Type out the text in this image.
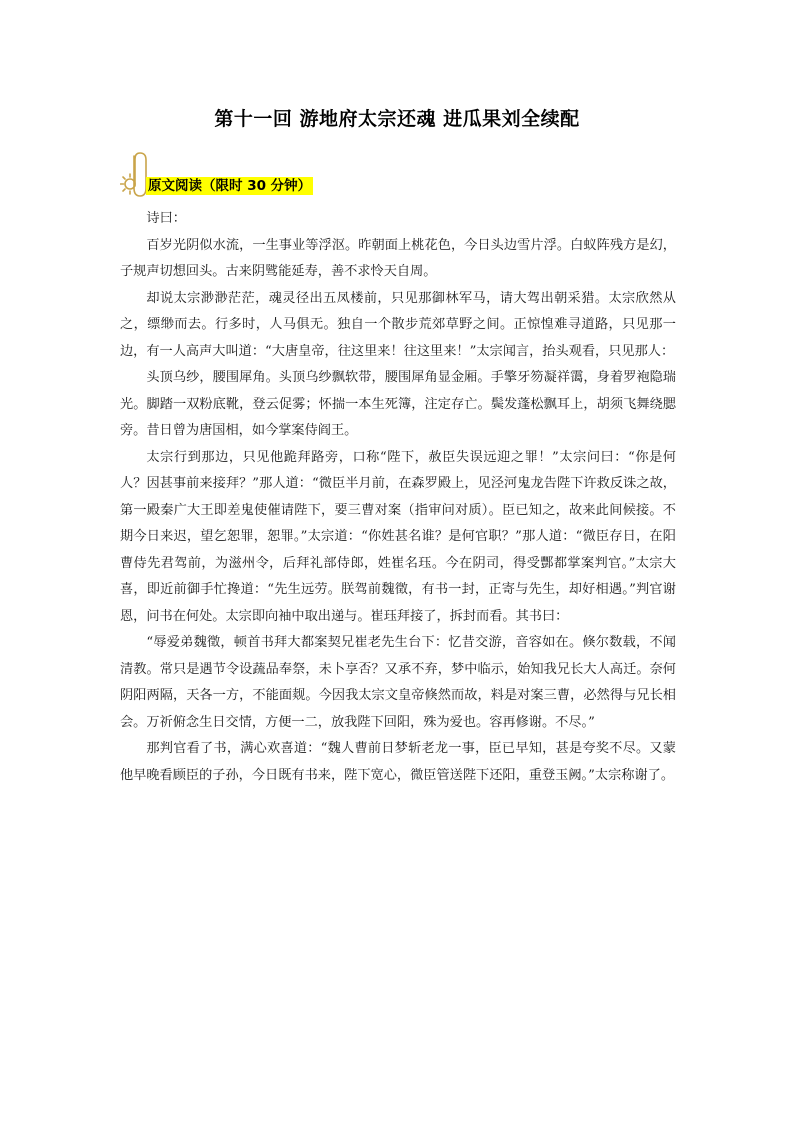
第十一回 游地府太宗还魂 进瓜果刘全续配
原文阅读（限时 30 分钟）

诗曰：

百岁光阴似水流，一生事业等浮沤。昨朝面上桃花色，今日头边雪片浮。白蚁阵残方是幻，子规声切想回头。古来阴骘能延寿，善不求怜天自周。

却说太宗渺渺茫茫，魂灵径出五凤楼前，只见那御林军马，请大驾出朝采猎。太宗欣然从之，缥缈而去。行多时，人马俱无。独自一个散步荒郊草野之间。正惊惶难寻道路，只见那一边，有一人高声大叫道：“大唐皇帝，往这里来！往这里来！”太宗闻言，抬头观看，只见那人：

头顶乌纱，腰围犀角。头顶乌纱飘软带，腰围犀角显金厢。手擎牙笏凝祥霭，身着罗袍隐瑞光。脚踏一双粉底靴，登云促雾；怀揣一本生死簿，注定存亡。鬓发蓬松飘耳上，胡须飞舞绕腮旁。昔日曾为唐国相，如今掌案侍阎王。

太宗行到那边，只见他跪拜路旁，口称“陛下，赦臣失误远迎之罪！”太宗问曰：“你是何人？因甚事前来接拜？”那人道：“微臣半月前，在森罗殿上，见泾河鬼龙告陛下许救反诛之故，第一殿秦广大王即差鬼使催请陛下，要三曹对案（指审问对质）。臣已知之，故来此间候接。不期今日来迟，望乞恕罪，恕罪。”太宗道：“你姓甚名谁？是何官职？”那人道：“微臣存日，在阳曹侍先君驾前，为滋州令，后拜礼部侍郎，姓崔名珏。今在阴司，得受酆都掌案判官。”太宗大喜，即近前御手忙搀道：“先生远劳。朕驾前魏徵，有书一封，正寄与先生，却好相遇。”判官谢恩，问书在何处。太宗即向袖中取出递与。崔珏拜接了，拆封而看。其书曰：

“辱爱弟魏徵，顿首书拜大都案契兄崔老先生台下：忆昔交游，音容如在。倏尔数载，不闻清教。常只是遇节令设蔬品奉祭，未卜享否？又承不弃，梦中临示，始知我兄长大人高迁。奈何阴阳两隔，天各一方，不能面觌。今因我太宗文皇帝倏然而故，料是对案三曹，必然得与兄长相会。万祈俯念生日交情，方便一二，放我陛下回阳，殊为爱也。容再修谢。不尽。”

那判官看了书，满心欢喜道：“魏人曹前日梦斩老龙一事，臣已早知，甚是夸奖不尽。又蒙他早晚看顾臣的子孙，今日既有书来，陛下宽心，微臣管送陛下还阳，重登玉阙。”太宗称谢了。
